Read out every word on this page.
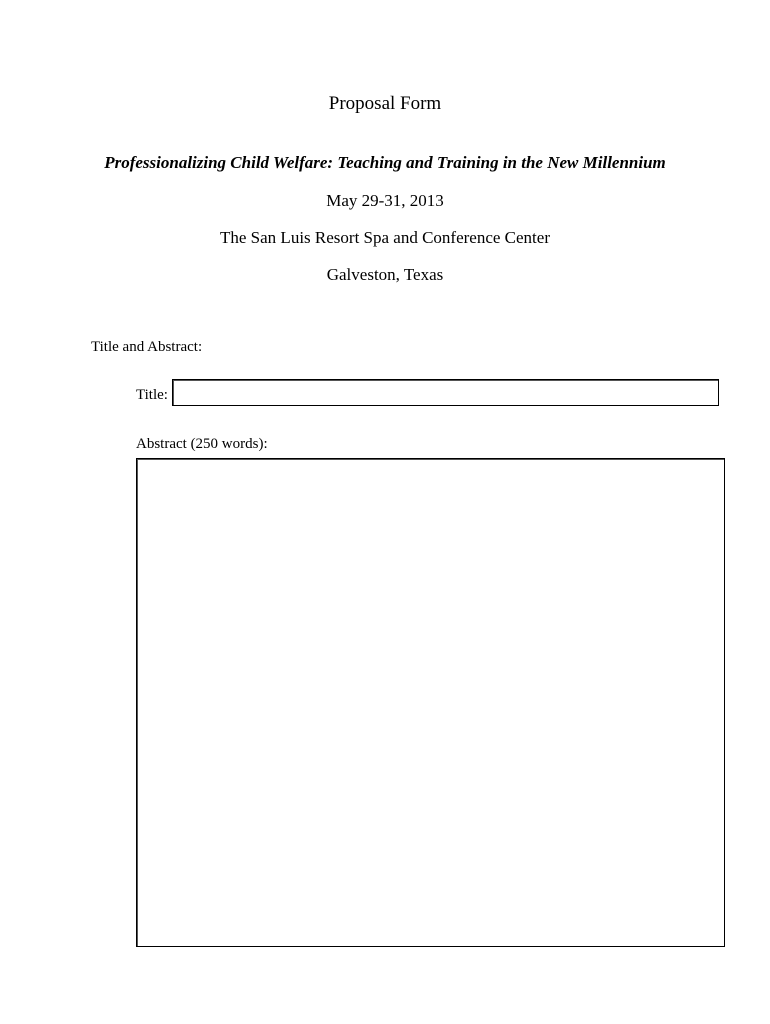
Proposal Form
Professionalizing Child Welfare: Teaching and Training in the New Millennium
May 29-31, 2013
The San Luis Resort Spa and Conference Center
Galveston, Texas
Title and Abstract:
Title:
Abstract (250 words):
